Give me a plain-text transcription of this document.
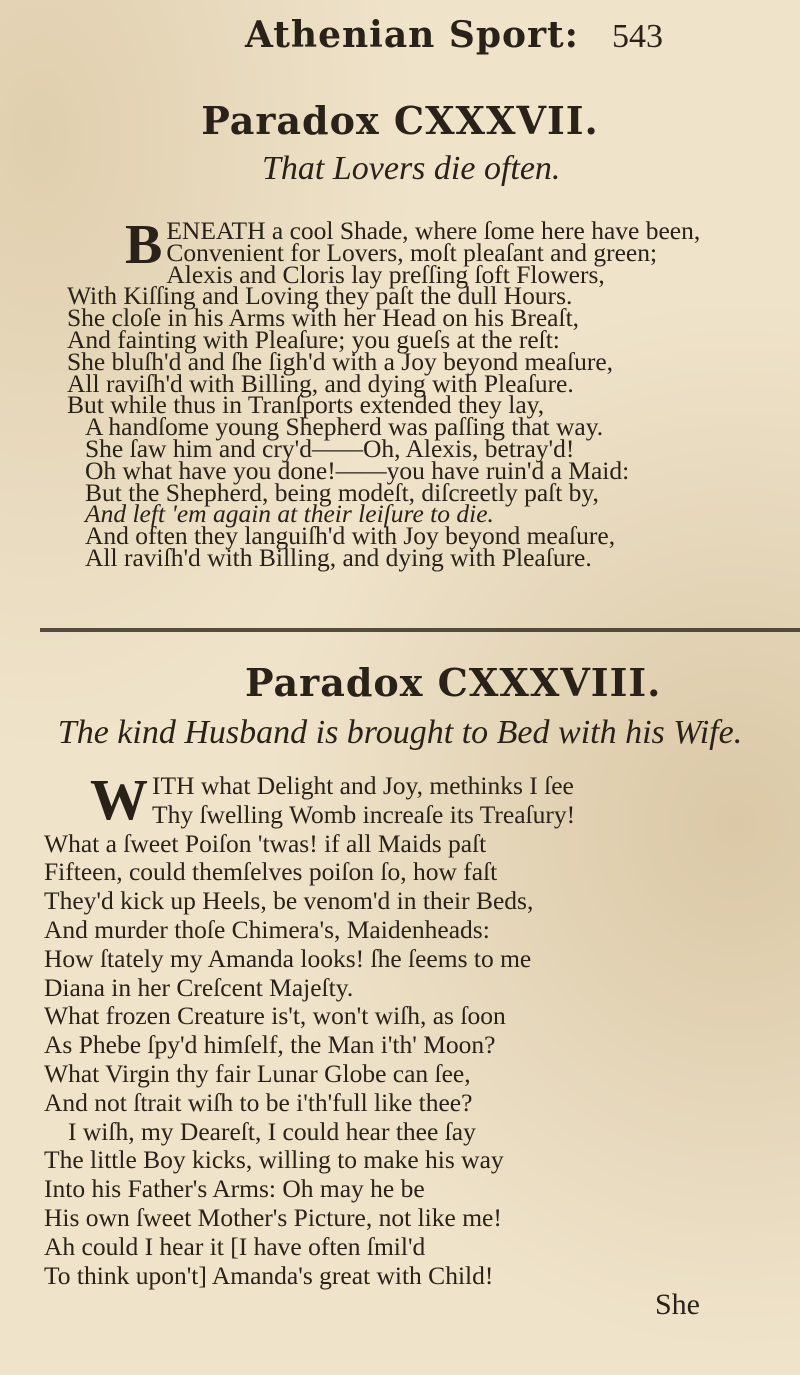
Athenian Sport: 543
Paradox CXXXVII.
That Lovers die often.
B ENEATH a cool Shade, where ſome here have been,
Convenient for Lovers, moſt pleaſant and green;
Alexis and Cloris lay preſſing ſoft Flowers,
With Kiſſing and Loving they paſt the dull Hours.
She cloſe in his Arms with her Head on his Breaſt,
And fainting with Pleaſure; you gueſs at the reſt:
She bluſh'd and ſhe ſigh'd with a Joy beyond meaſure,
All raviſh'd with Billing, and dying with Pleaſure.
But while thus in Tranſports extended they lay,
A handſome young Shepherd was paſſing that way.
She ſaw him and cry'd——Oh, Alexis, betray'd!
Oh what have you done!——you have ruin'd a Maid:
But the Shepherd, being modeſt, diſcreetly paſt by,
And left 'em again at their leiſure to die.
And often they languiſh'd with Joy beyond meaſure,
All raviſh'd with Billing, and dying with Pleaſure.
Paradox CXXXVIII.
The kind Husband is brought to Bed with his Wife.
W ITH what Delight and Joy, methinks I ſee
Thy ſwelling Womb increaſe its Treaſury!
What a ſweet Poiſon 'twas! if all Maids paſt
Fifteen, could themſelves poiſon ſo, how faſt
They'd kick up Heels, be venom'd in their Beds,
And murder thoſe Chimera's, Maidenheads:
How ſtately my Amanda looks! ſhe ſeems to me
Diana in her Creſcent Majeſty.
What frozen Creature is't, won't wiſh, as ſoon
As Phebe ſpy'd himſelf, the Man i'th' Moon?
What Virgin thy fair Lunar Globe can ſee,
And not ſtrait wiſh to be i'th'full like thee?
I wiſh, my Deareſt, I could hear thee ſay
The little Boy kicks, willing to make his way
Into his Father's Arms: Oh may he be
His own ſweet Mother's Picture, not like me!
Ah could I hear it [I have often ſmil'd
To think upon't] Amanda's great with Child!
She
